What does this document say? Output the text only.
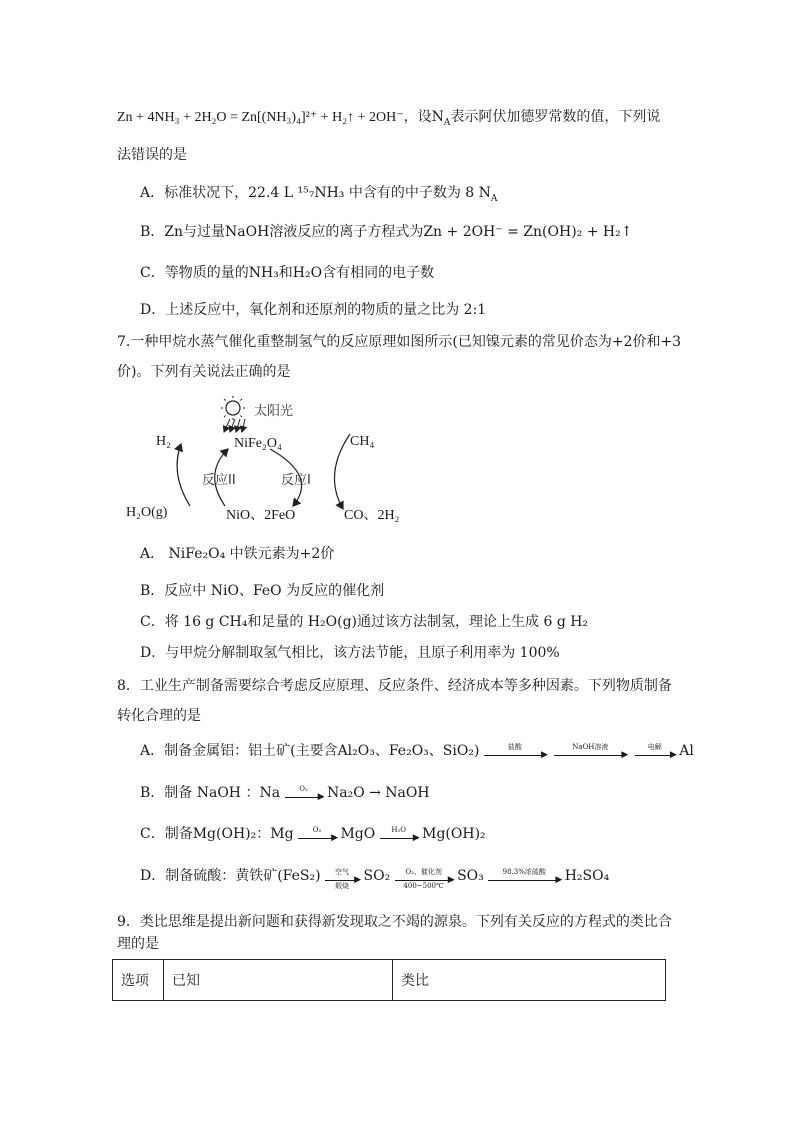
Zn + 4NH₃ + 2H₂O = Zn[(NH₃)₄]²⁺ + H₂↑ + 2OH⁻，设$N_A$表示阿伏加德罗常数的值，下列说
法错误的是
A．标准状况下，22.4 L ¹⁵₇NH₃ 中含有的中子数为 8 $N_A$
B．Zn与过量NaOH溶液反应的离子方程式为Zn + 2OH⁻ = Zn(OH)₂ + H₂↑
C．等物质的量的NH₃和H₂O含有相同的电子数
D．上述反应中，氧化剂和还原剂的物质的量之比为 2:1
7.一种甲烷水蒸气催化重整制氢气的反应原理如图所示(已知镍元素的常见价态为+2价和+3
价)。下列有关说法正确的是
太阳光
NiFe₂O₄
H₂	CH₄
反应II	反应I
H₂O(g)	NiO、2FeO	CO、2H₂
A． NiFe₂O₄ 中铁元素为+2价
B．反应中 NiO、FeO 为反应的催化剂
C．将 16 g CH₄和足量的 H₂O(g)通过该方法制氢，理论上生成 6 g H₂
D．与甲烷分解制取氢气相比，该方法节能，且原子利用率为 100%
8．工业生产制备需要综合考虑反应原理、反应条件、经济成本等多种因素。下列物质制备
转化合理的是
A．制备金属铝：铝土矿(主要含Al₂O₃、Fe₂O₃、SiO₂)	盐酸
▶

NaOH溶液
▶

电解
▶ Al
B．制备 NaOH ：Na	O₂
▶ Na₂O → NaOH
C．制备Mg(OH)₂：Mg	O₂
▶ MgO	H₂O
▶ Mg(OH)₂
D．制备硫酸：黄铁矿(FeS₂)	空气
▶
煅烧
SO₂	O₂、催化剂
▶
400~500℃
SO₃	98.3%浓硫酸
▶ H₂SO₄
9．类比思维是提出新问题和获得新发现取之不竭的源泉。下列有关反应的方程式的类比合
理的是
选项	已知	类比
